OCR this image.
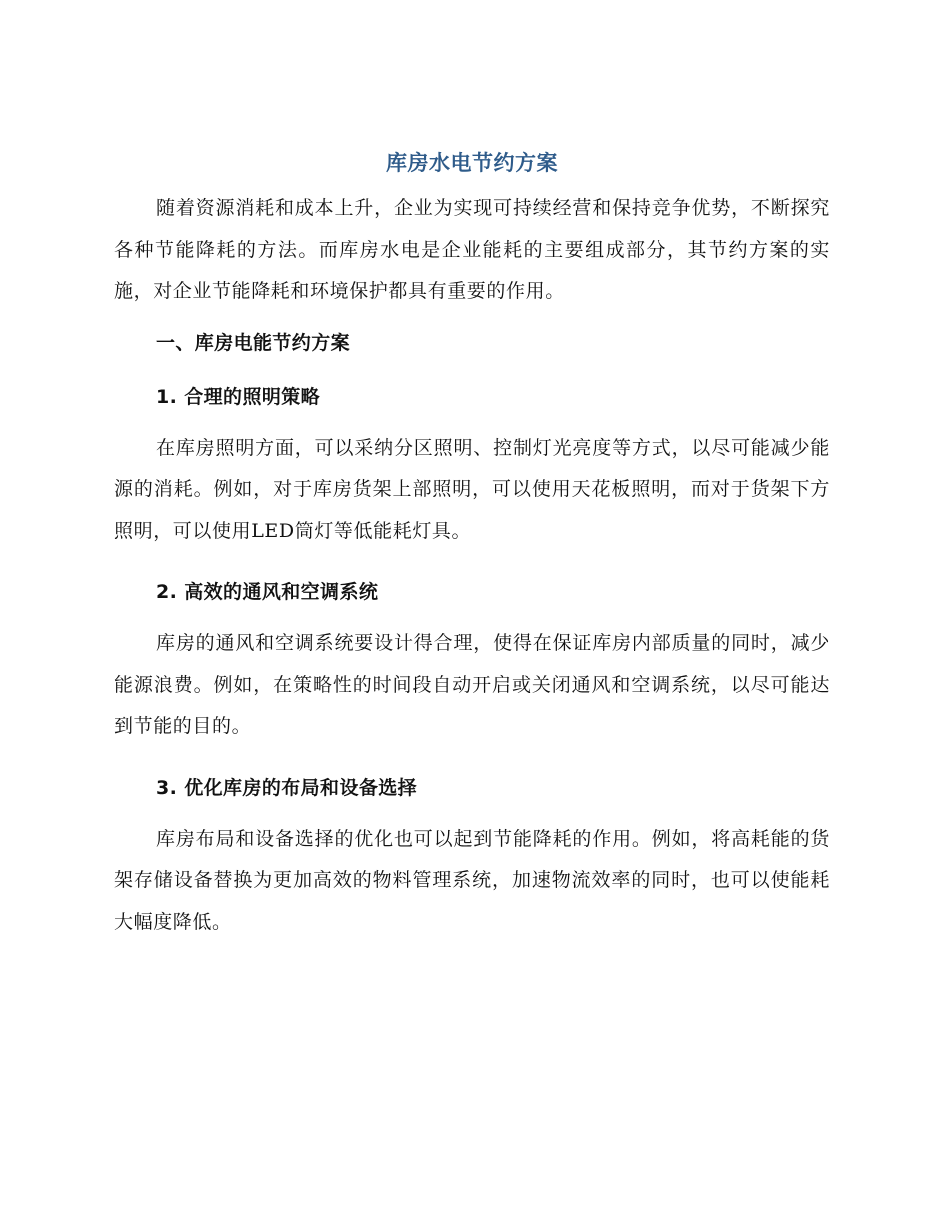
库房水电节约方案

随着资源消耗和成本上升，企业为实现可持续经营和保持竞争优势，不断探究各种节能降耗的方法。而库房水电是企业能耗的主要组成部分，其节约方案的实施，对企业节能降耗和环境保护都具有重要的作用。

一、库房电能节约方案
1. 合理的照明策略

在库房照明方面，可以采纳分区照明、控制灯光亮度等方式，以尽可能减少能源的消耗。例如，对于库房货架上部照明，可以使用天花板照明，而对于货架下方照明，可以使用LED筒灯等低能耗灯具。

2. 高效的通风和空调系统

库房的通风和空调系统要设计得合理，使得在保证库房内部质量的同时，减少能源浪费。例如，在策略性的时间段自动开启或关闭通风和空调系统，以尽可能达到节能的目的。

3. 优化库房的布局和设备选择

库房布局和设备选择的优化也可以起到节能降耗的作用。例如，将高耗能的货架存储设备替换为更加高效的物料管理系统，加速物流效率的同时，也可以使能耗大幅度降低。
